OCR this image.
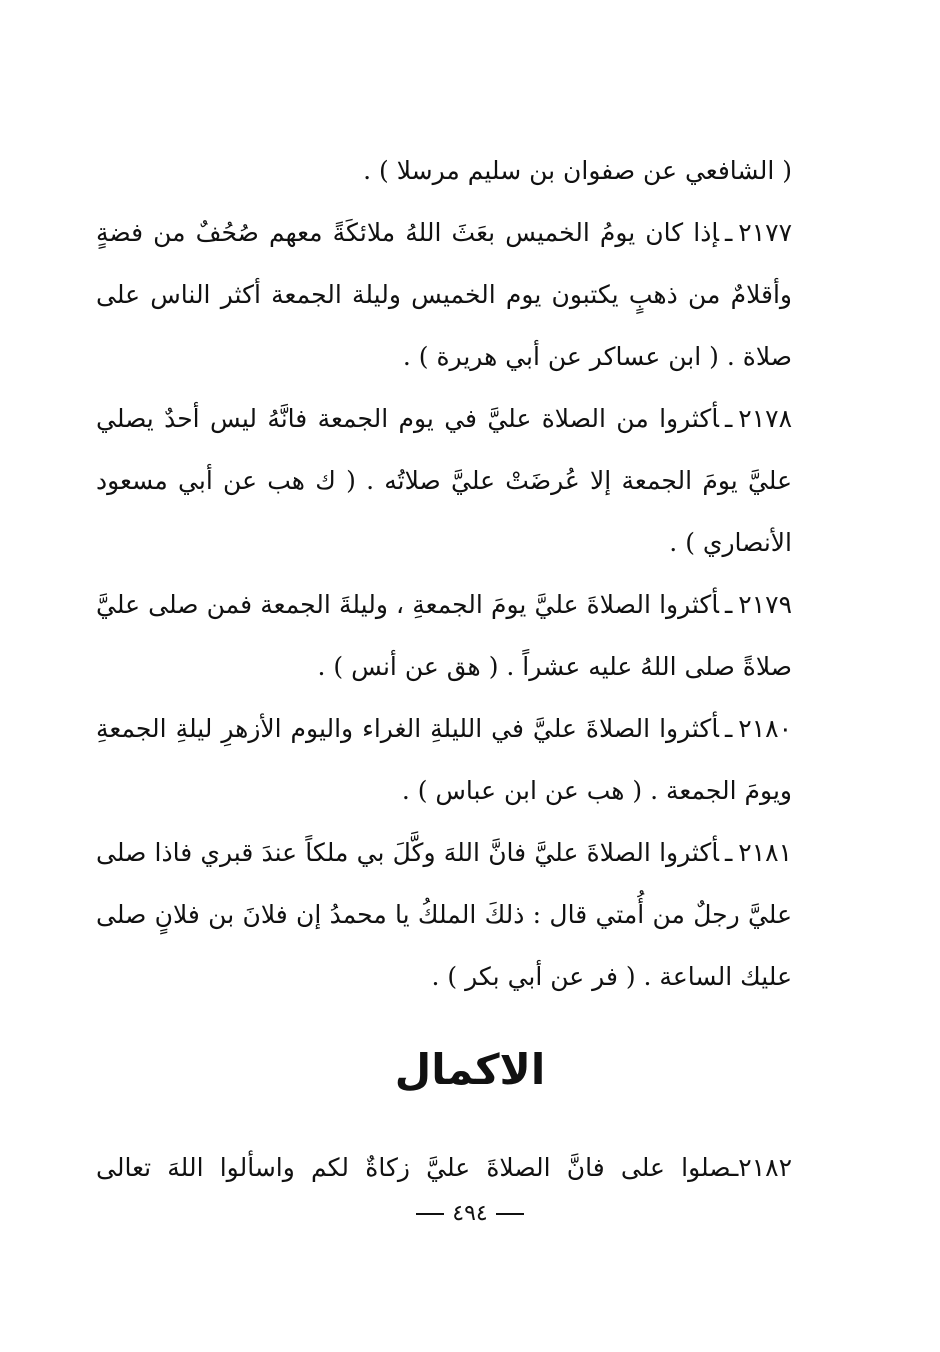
( الشافعي عن صفوان بن سليم مرسلا ) .

٢١٧٧ـإذا كان يومُ الخميس بعَثَ اللهُ ملائكَةً معهم صُحُفٌ من فضةٍ وأقلامٌ من ذهبٍ يكتبون يوم الخميس وليلة الجمعة أكثر الناس على صلاة . ( ابن عساكر عن أبي هريرة ) .

٢١٧٨ـأكثروا من الصلاة عليَّ في يوم الجمعة فانَّهُ ليس أحدٌ يصلي عليَّ يومَ الجمعة إلا عُرضَتْ عليَّ صلاتُه . ( ك هب عن أبي مسعود الأنصاري ) .

٢١٧٩ـأكثروا الصلاةَ عليَّ يومَ الجمعةِ ، وليلةَ الجمعة فمن صلى عليَّ صلاةً صلى اللهُ عليه عشراً . ( هق عن أنس ) .

٢١٨٠ـأكثروا الصلاةَ عليَّ في الليلةِ الغراء واليوم الأزهرِ ليلةِ الجمعةِ ويومَ الجمعة . ( هب عن ابن عباس ) .

٢١٨١ـأكثروا الصلاةَ عليَّ فانَّ اللهَ وكَّلَ بي ملكاً عندَ قبري فاذا صلى عليَّ رجلٌ من أُمتي قال : ذلكَ الملكُ يا محمدُ إن فلانَ بن فلانٍ صلى عليك الساعة . ( فر عن أبي بكر ) .

الاكمال

٢١٨٢ـصلوا على فانَّ الصلاةَ عليَّ زكاةٌ لكم واسألوا اللهَ تعالى

٤٩٤
